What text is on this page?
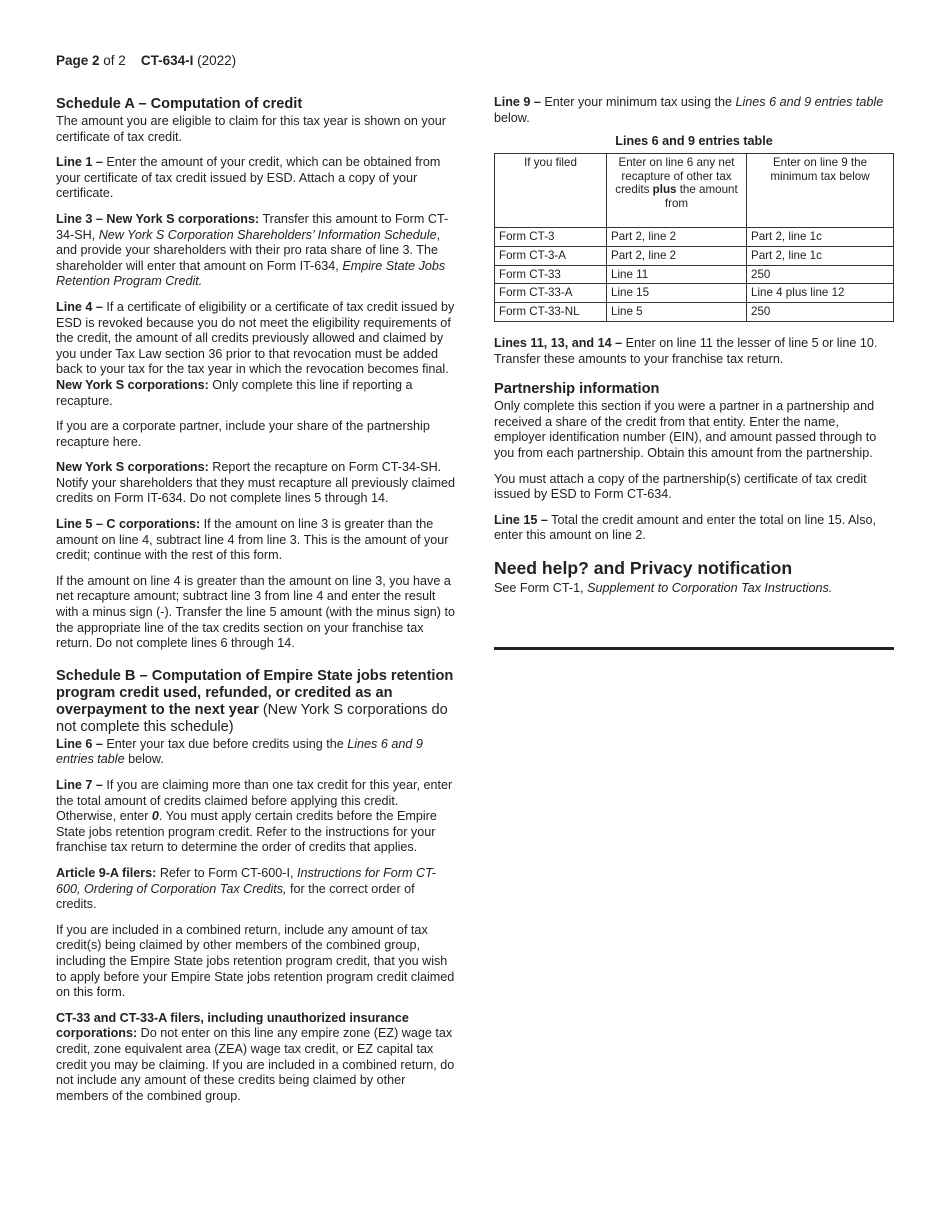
Page 2 of 2 CT-634-I (2022)
Schedule A – Computation of credit

The amount you are eligible to claim for this tax year is shown on your certificate of tax credit.

Line 1 – Enter the amount of your credit, which can be obtained from your certificate of tax credit issued by ESD. Attach a copy of your certificate.

Line 3 – New York S corporations: Transfer this amount to Form CT-34-SH, New York S Corporation Shareholders’ Information Schedule, and provide your shareholders with their pro rata share of line 3. The shareholder will enter that amount on Form IT-634, Empire State Jobs Retention Program Credit.

Line 4 – If a certificate of eligibility or a certificate of tax credit issued by ESD is revoked because you do not meet the eligibility requirements of the credit, the amount of all credits previously allowed and claimed by you under Tax Law section 36 prior to that revocation must be added back to your tax for the tax year in which the revocation becomes final. New York S corporations: Only complete this line if reporting a recapture.

If you are a corporate partner, include your share of the partnership recapture here.

New York S corporations: Report the recapture on Form CT-34-SH. Notify your shareholders that they must recapture all previously claimed credits on Form IT-634. Do not complete lines 5 through 14.

Line 5 – C corporations: If the amount on line 3 is greater than the amount on line 4, subtract line 4 from line 3. This is the amount of your credit; continue with the rest of this form.

If the amount on line 4 is greater than the amount on line 3, you have a net recapture amount; subtract line 3 from line 4 and enter the result with a minus sign (-). Transfer the line 5 amount (with the minus sign) to the appropriate line of the tax credits section on your franchise tax return. Do not complete lines 6 through 14.

Schedule B – Computation of Empire State jobs retention program credit used, refunded, or credited as an overpayment to the next year (New York S corporations do not complete this schedule)

Line 6 – Enter your tax due before credits using the Lines 6 and 9 entries table below.

Line 7 – If you are claiming more than one tax credit for this year, enter the total amount of credits claimed before applying this credit. Otherwise, enter 0. You must apply certain credits before the Empire State jobs retention program credit. Refer to the instructions for your franchise tax return to determine the order of credits that applies.

Article 9-A filers: Refer to Form CT-600-I, Instructions for Form CT-600, Ordering of Corporation Tax Credits, for the correct order of credits.

If you are included in a combined return, include any amount of tax credit(s) being claimed by other members of the combined group, including the Empire State jobs retention program credit, that you wish to apply before your Empire State jobs retention program credit claimed on this form.

CT-33 and CT-33-A filers, including unauthorized insurance corporations: Do not enter on this line any empire zone (EZ) wage tax credit, zone equivalent area (ZEA) wage tax credit, or EZ capital tax credit you may be claiming. If you are included in a combined return, do not include any amount of these credits being claimed by other members of the combined group.

Line 9 – Enter your minimum tax using the Lines 6 and 9 entries table below.

Lines 6 and 9 entries table
If you filed	Enter on line 6 any net recapture of other tax credits plus the amount from	Enter on line 9 the minimum tax below
Form CT-3	Part 2, line 2	Part 2, line 1c
Form CT-3-A	Part 2, line 2	Part 2, line 1c
Form CT-33	Line 11	250
Form CT-33-A	Line 15	Line 4 plus line 12
Form CT-33-NL	Line 5	250

Lines 11, 13, and 14 – Enter on line 11 the lesser of line 5 or line 10. Transfer these amounts to your franchise tax return.

Partnership information

Only complete this section if you were a partner in a partnership and received a share of the credit from that entity. Enter the name, employer identification number (EIN), and amount passed through to you from each partnership. Obtain this amount from the partnership.

You must attach a copy of the partnership(s) certificate of tax credit issued by ESD to Form CT-634.

Line 15 – Total the credit amount and enter the total on line 15. Also, enter this amount on line 2.

Need help? and Privacy notification

See Form CT-1, Supplement to Corporation Tax Instructions.
